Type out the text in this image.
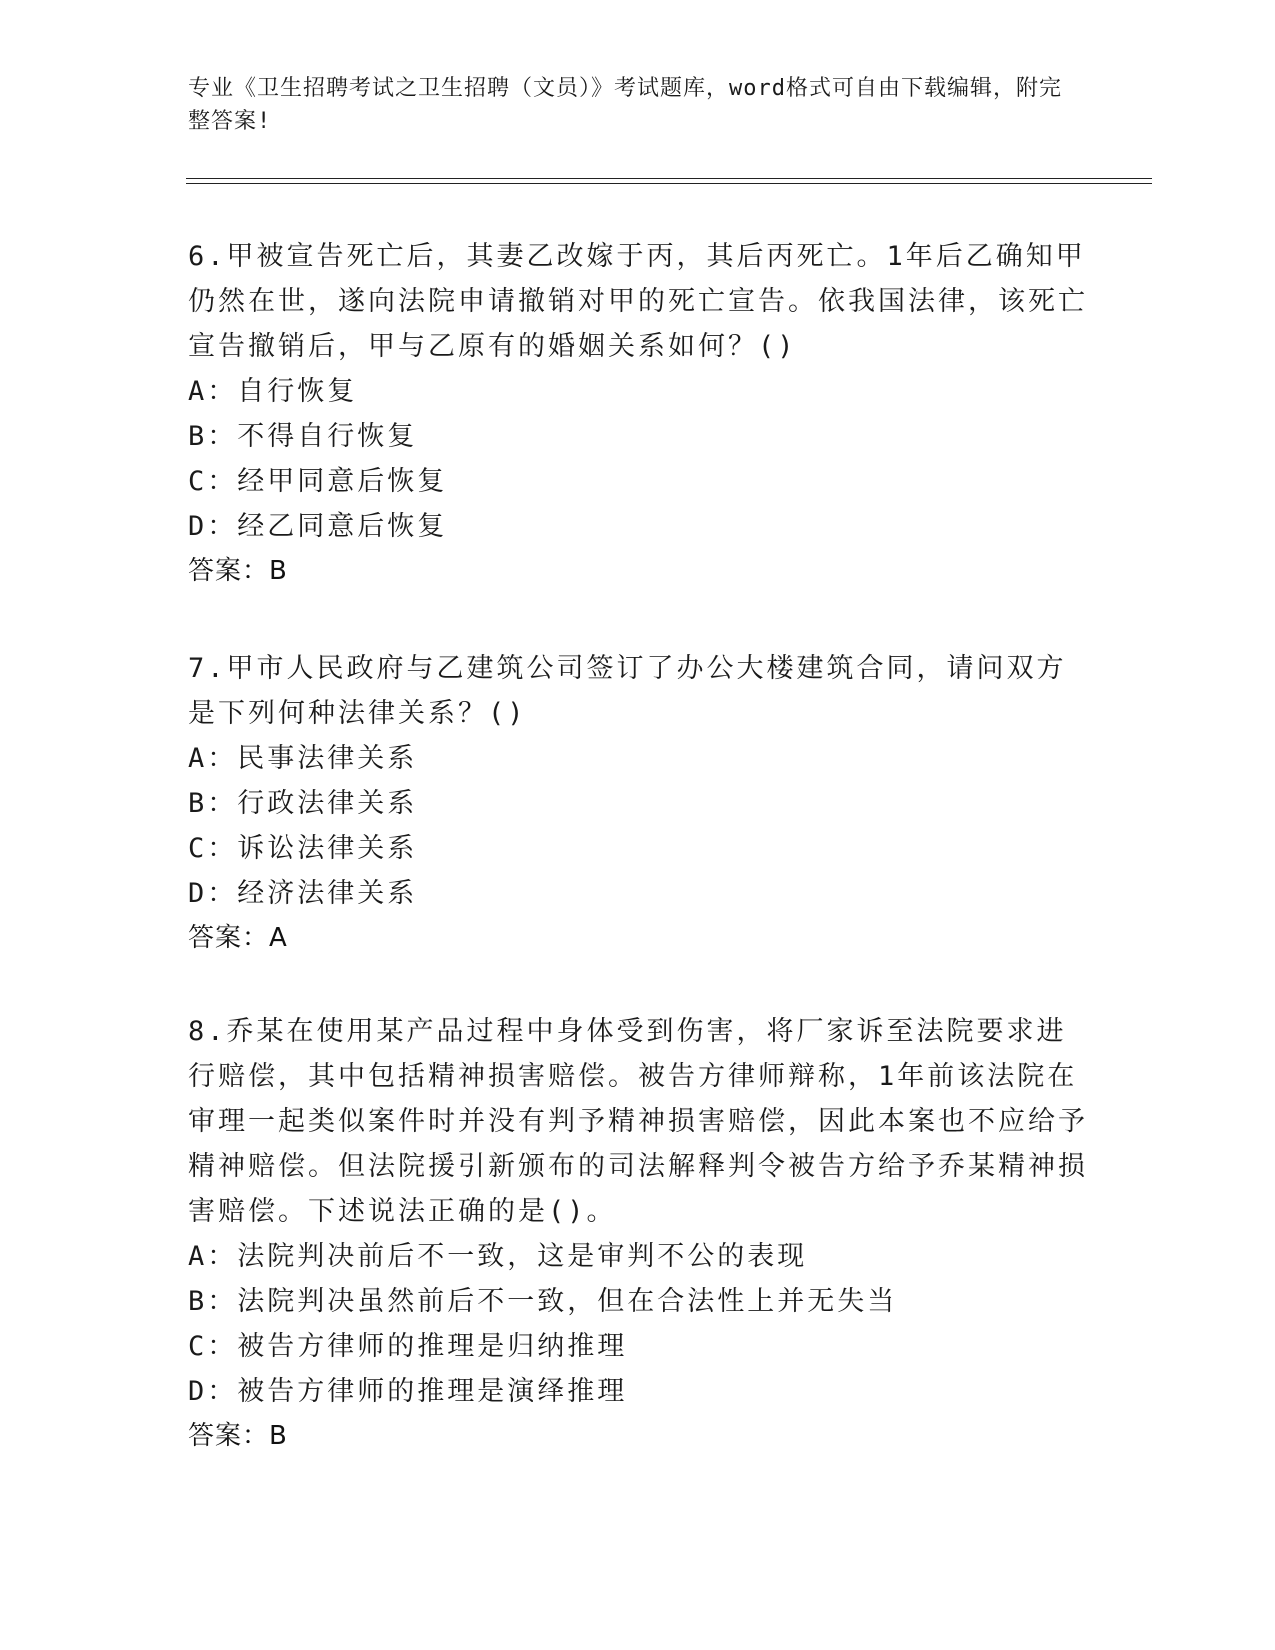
专业《卫生招聘考试之卫生招聘（文员）》考试题库，word格式可自由下载编辑，附完整答案!

6.甲被宣告死亡后，其妻乙改嫁于丙，其后丙死亡。1年后乙确知甲仍然在世，遂向法院申请撤销对甲的死亡宣告。依我国法律，该死亡宣告撤销后，甲与乙原有的婚姻关系如何？()

A：自行恢复

B：不得自行恢复

C：经甲同意后恢复

D：经乙同意后恢复

答案：B

7.甲市人民政府与乙建筑公司签订了办公大楼建筑合同，请问双方是下列何种法律关系？()

A：民事法律关系

B：行政法律关系

C：诉讼法律关系

D：经济法律关系

答案：A

8.乔某在使用某产品过程中身体受到伤害，将厂家诉至法院要求进行赔偿，其中包括精神损害赔偿。被告方律师辩称，1年前该法院在审理一起类似案件时并没有判予精神损害赔偿，因此本案也不应给予精神赔偿。但法院援引新颁布的司法解释判令被告方给予乔某精神损害赔偿。下述说法正确的是()。

A：法院判决前后不一致，这是审判不公的表现

B：法院判决虽然前后不一致，但在合法性上并无失当

C：被告方律师的推理是归纳推理

D：被告方律师的推理是演绎推理

答案：B
